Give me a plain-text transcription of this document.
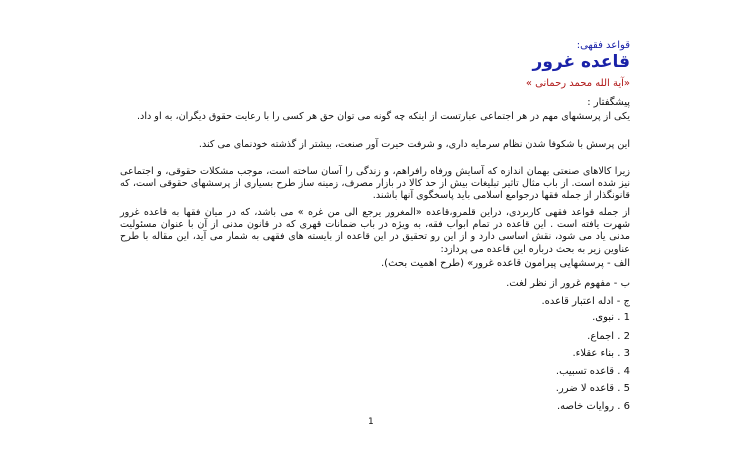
قواعد فقهی:
قاعده غرور
«آیة الله محمد رحمانی »
پیشگفتار :
یکی از پرسشهای مهم در هر اجتماعی عبارتست از اینکه چه گونه می توان حق هر کسی را با رعایت حقوق دیگران، به او داد.
این پرسش با شکوفا شدن نظام سرمایه داری، و شرفت حیرت آور صنعت، بیشتر از گذشته خودنمای می کند.
زیرا کالاهای صنعتی بهمان اندازه که آسایش ورفاه رافراهم، و زندگی را آسان ساخته است، موجب مشکلات حقوقی، و اجتماعی نیز شده است. از باب مثال تاثیر تبلیغات بیش از حد کالا در بازار مصرف، زمینه ساز طرح بسیاری از پرسشهای حقوقی است، که قانونگذار از جمله فقها درجوامع اسلامی باید پاسخگوی آنها باشند.
از جمله قواعد فقهی کاربردی، دراین قلمرو،قاعده «المغرور یرجع الی من غره » می باشد، که در میان فقها به قاعده غرور شهرت یافته است . این قاعده در تمام ابواب فقه، به ویژه در باب ضمانات قهری که در قانون مدنی از آن با عنوان مسئولیت مدنی یاد می شود، نقش اساسی دارد و از این رو تحقیق در این قاعده از بایسته های فقهی به شمار می آید، این مقاله با طرح عناوین زیر به بحث درباره این قاعده می پردازد:
الف - پرسشهایی پیرامون قاعده غرور» (طرح اهمیت بحث).
ب - مفهوم غرور از نظر لغت.
ج - ادله اعتبار قاعده.
1 . نبوی.
2 . اجماع.
3 . بناء عقلاء.
4 . قاعده تسبیب.
5 . قاعده لا ضرر.
6 . روایات خاصه.
1
